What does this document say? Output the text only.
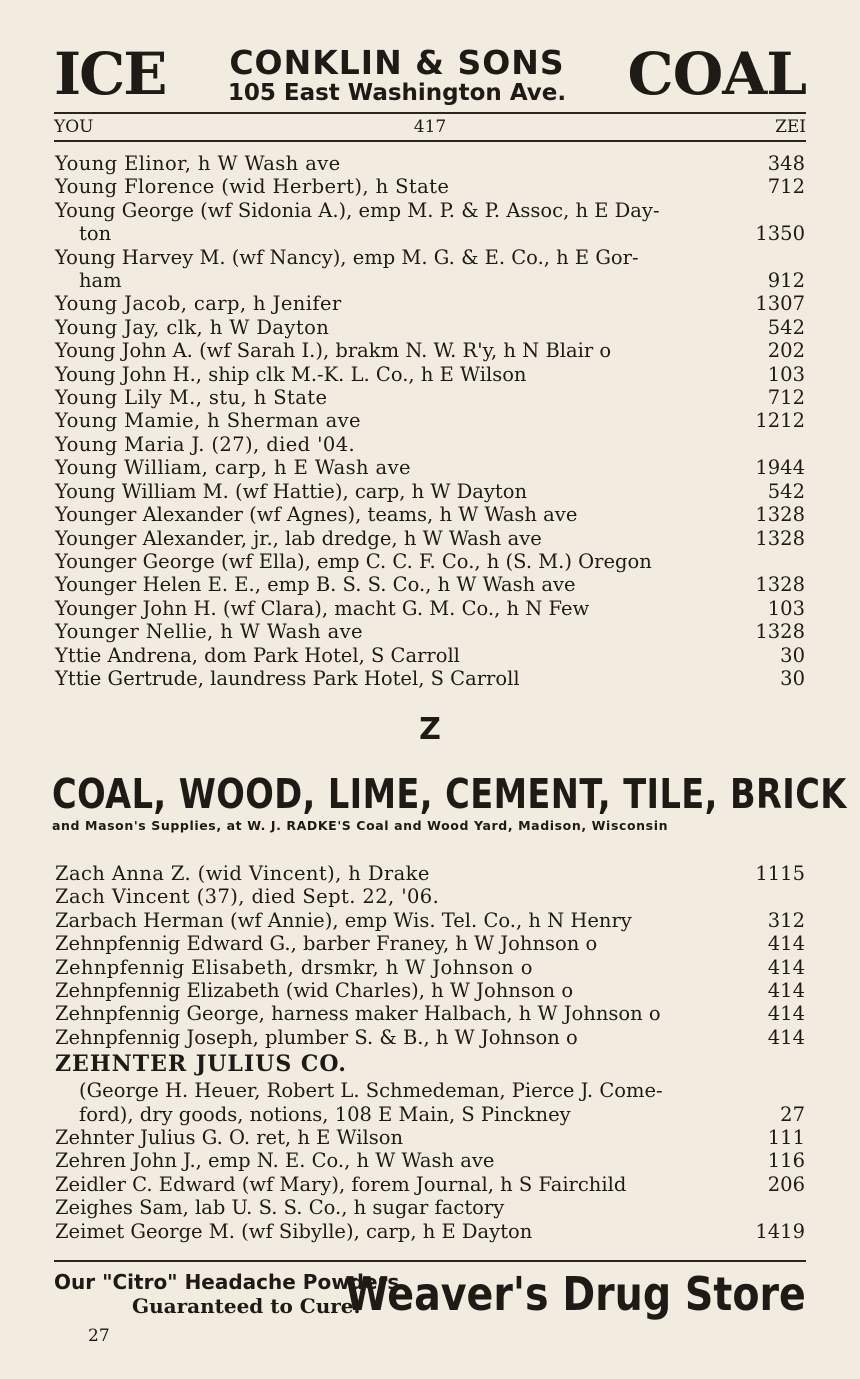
ICE	CONKLIN & SONS
105 East Washington Ave. COAL
YOU	417	ZEI
Young Elinor, h W Wash ave	348
Young Florence (wid Herbert), h State	712
Young George (wf Sidonia A.), emp M. P. & P. Assoc, h E Day-
ton	1350
Young Harvey M. (wf Nancy), emp M. G. & E. Co., h E Gor-
ham	912
Young Jacob, carp, h Jenifer	1307
Young Jay, clk, h W Dayton	542
Young John A. (wf Sarah I.), brakm N. W. R'y, h N Blair o	202
Young John H., ship clk M.-K. L. Co., h E Wilson	103
Young Lily M., stu, h State	712
Young Mamie, h Sherman ave	1212
Young Maria J. (27), died '04.
Young William, carp, h E Wash ave	1944
Young William M. (wf Hattie), carp, h W Dayton	542
Younger Alexander (wf Agnes), teams, h W Wash ave	1328
Younger Alexander, jr., lab dredge, h W Wash ave	1328
Younger George (wf Ella), emp C. C. F. Co., h (S. M.) Oregon
Younger Helen E. E., emp B. S. S. Co., h W Wash ave	1328
Younger John H. (wf Clara), macht G. M. Co., h N Few	103
Younger Nellie, h W Wash ave	1328
Yttie Andrena, dom Park Hotel, S Carroll	30
Yttie Gertrude, laundress Park Hotel, S Carroll	30
Z
COAL, WOOD, LIME, CEMENT, TILE, BRICK
and Mason's Supplies, at W. J. RADKE'S Coal and Wood Yard, Madison, Wisconsin
Zach Anna Z. (wid Vincent), h Drake	1115
Zach Vincent (37), died Sept. 22, '06.
Zarbach Herman (wf Annie), emp Wis. Tel. Co., h N Henry	312
Zehnpfennig Edward G., barber Franey, h W Johnson o	414
Zehnpfennig Elisabeth, drsmkr, h W Johnson o	414
Zehnpfennig Elizabeth (wid Charles), h W Johnson o	414
Zehnpfennig George, harness maker Halbach, h W Johnson o	414
Zehnpfennig Joseph, plumber S. & B., h W Johnson o	414
ZEHNTER JULIUS CO.
(George H. Heuer, Robert L. Schmedeman, Pierce J. Come-
ford), dry goods, notions, 108 E Main, S Pinckney	27
Zehnter Julius G. O. ret, h E Wilson	111
Zehren John J., emp N. E. Co., h W Wash ave	116
Zeidler C. Edward (wf Mary), forem Journal, h S Fairchild	206
Zeighes Sam, lab U. S. S. Co., h sugar factory
Zeimet George M. (wf Sibylle), carp, h E Dayton	1419
Our "Citro" Headache Powders
Guaranteed to Cure.
Weaver's Drug Store
27
